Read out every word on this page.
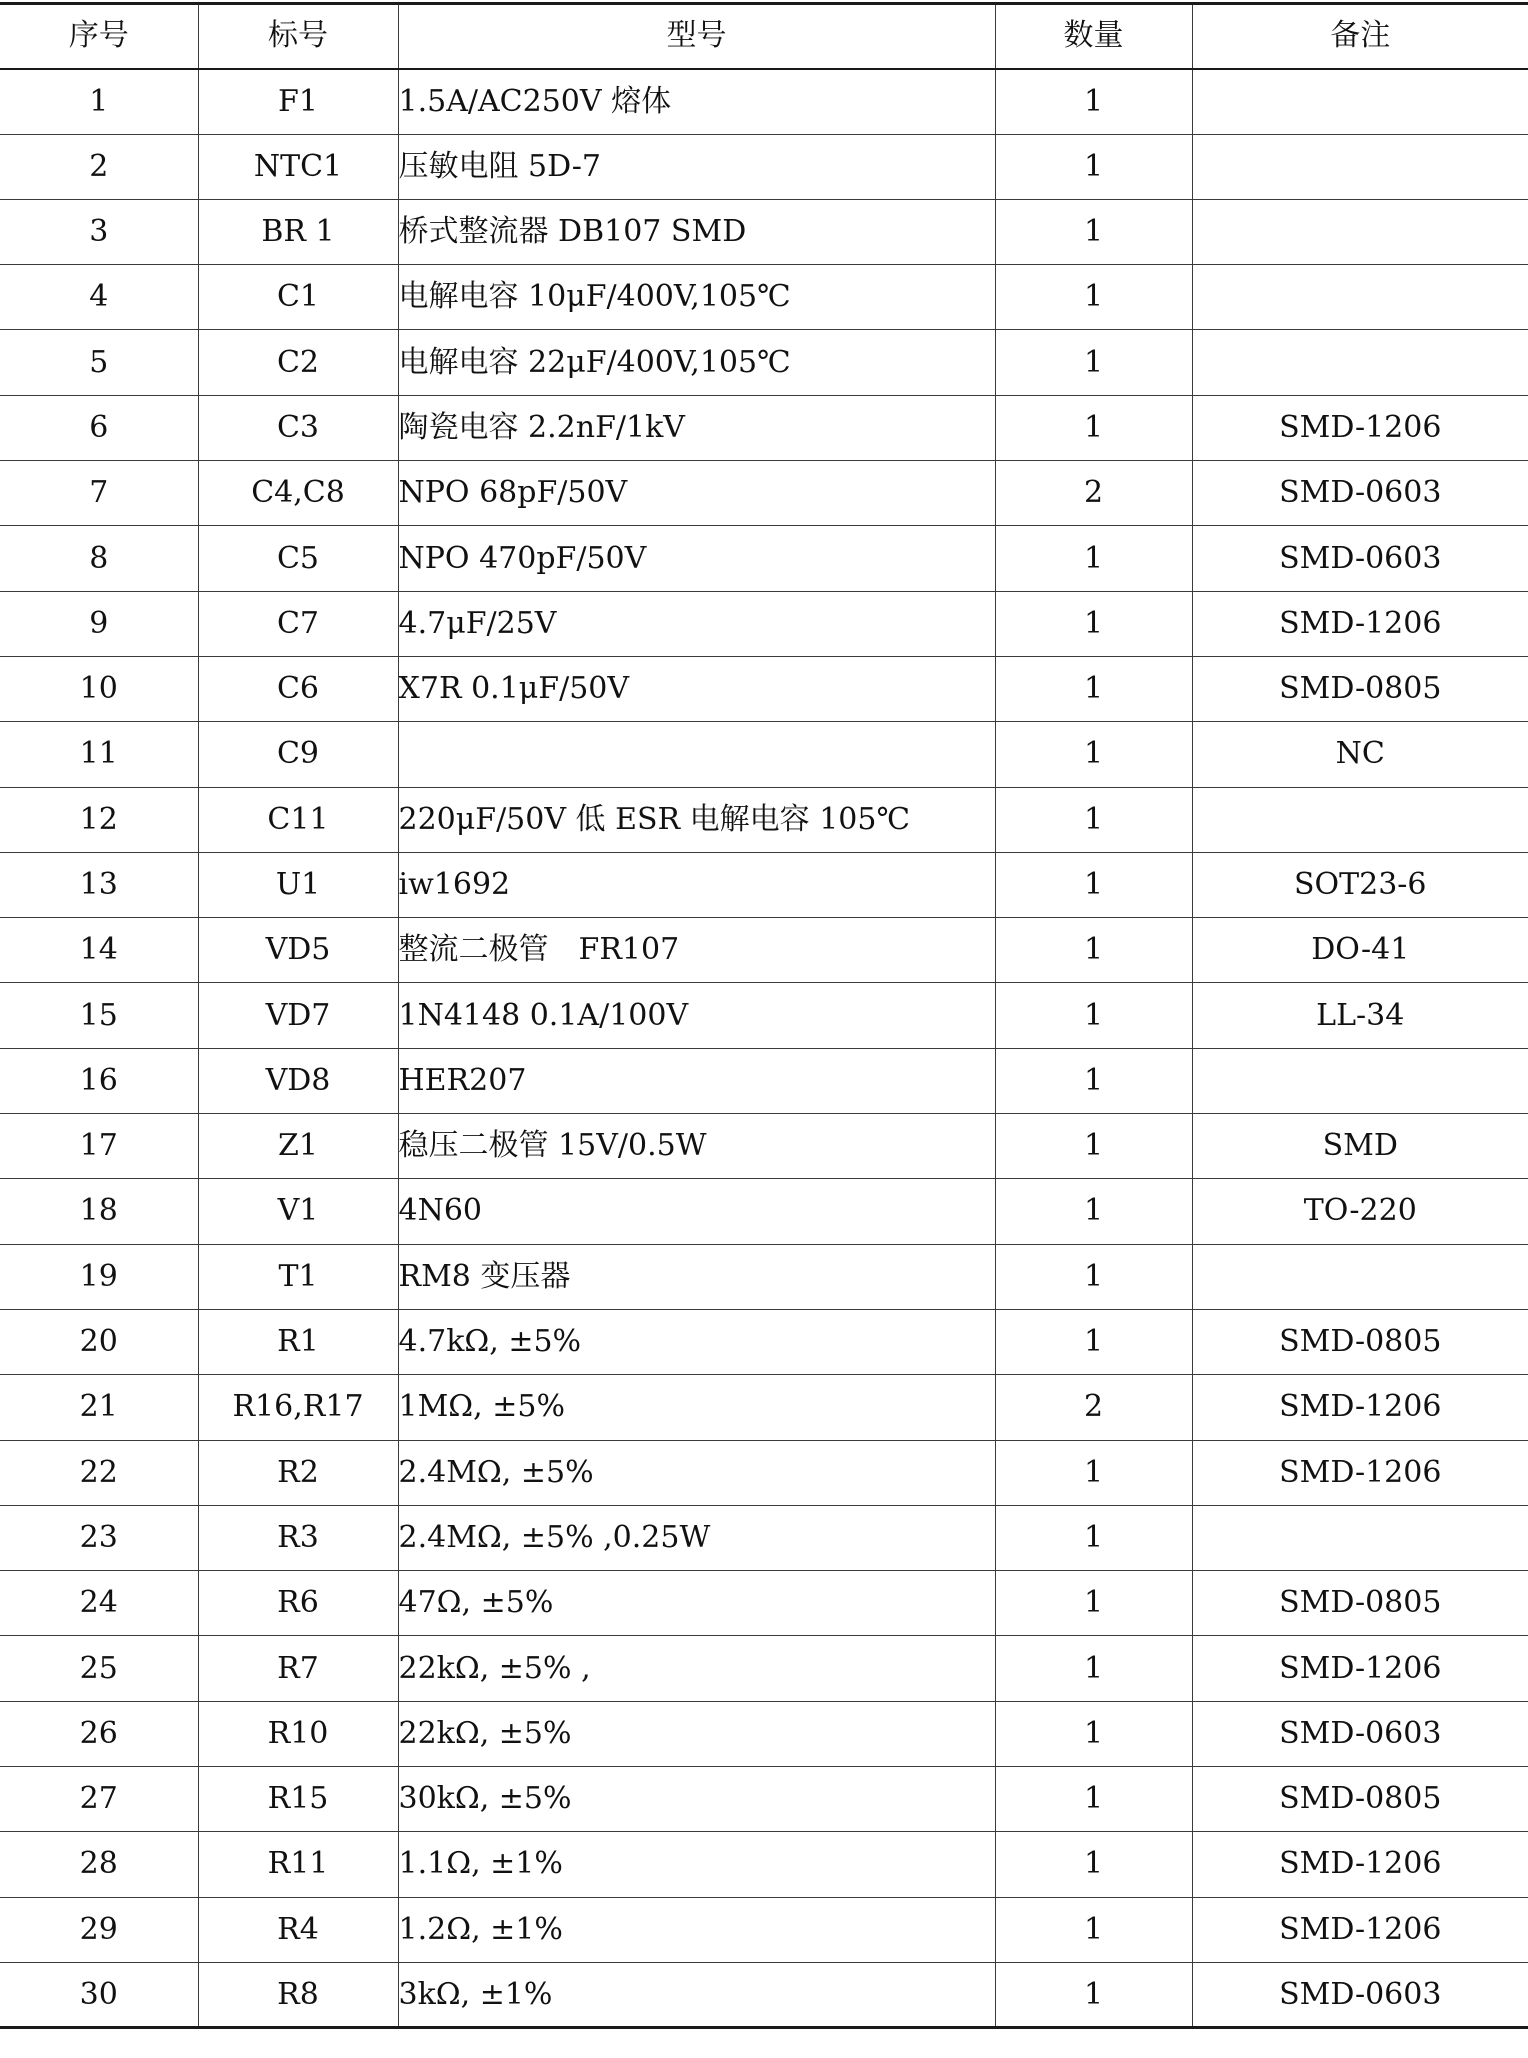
序号	标号	型号	数量	备注
1	F1	1.5A/AC250V 熔体	1	
2	NTC1	压敏电阻 5D-7	1	
3	BR 1	桥式整流器 DB107 SMD	1	
4	C1	电解电容 10μF/400V,105℃	1	
5	C2	电解电容 22μF/400V,105℃	1	
6	C3	陶瓷电容 2.2nF/1kV	1	SMD-1206
7	C4,C8	NPO 68pF/50V	2	SMD-0603
8	C5	NPO 470pF/50V	1	SMD-0603
9	C7	4.7μF/25V	1	SMD-1206
10	C6	X7R 0.1μF/50V	1	SMD-0805
11	C9		1	NC
12	C11	220μF/50V 低 ESR 电解电容 105℃	1	
13	U1	iw1692	1	SOT23-6
14	VD5	整流二极管　FR107	1	DO-41
15	VD7	1N4148 0.1A/100V	1	LL-34
16	VD8	HER207	1	
17	Z1	稳压二极管 15V/0.5W	1	SMD
18	V1	4N60	1	TO-220
19	T1	RM8 变压器	1	
20	R1	4.7kΩ, ±5%	1	SMD-0805
21	R16,R17	1MΩ, ±5%	2	SMD-1206
22	R2	2.4MΩ, ±5%	1	SMD-1206
23	R3	2.4MΩ, ±5% ,0.25W	1	
24	R6	47Ω, ±5%	1	SMD-0805
25	R7	22kΩ, ±5% ,	1	SMD-1206
26	R10	22kΩ, ±5%	1	SMD-0603
27	R15	30kΩ, ±5%	1	SMD-0805
28	R11	1.1Ω, ±1%	1	SMD-1206
29	R4	1.2Ω, ±1%	1	SMD-1206
30	R8	3kΩ, ±1%	1	SMD-0603
